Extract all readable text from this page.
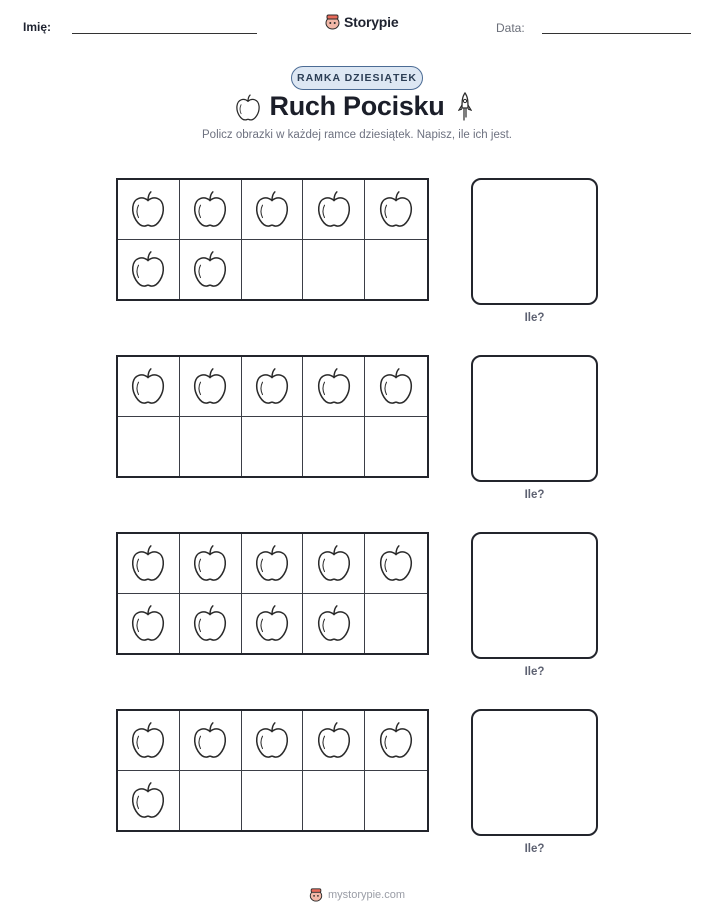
Imię:	Storypie	Data:
RAMKA DZIESIĄTEK
Ruch Pocisku
Policz obrazki w każdej ramce dziesiątek. Napisz, ile ich jest.
Ile?
Ile?
Ile?
Ile?
mystorypie.com
